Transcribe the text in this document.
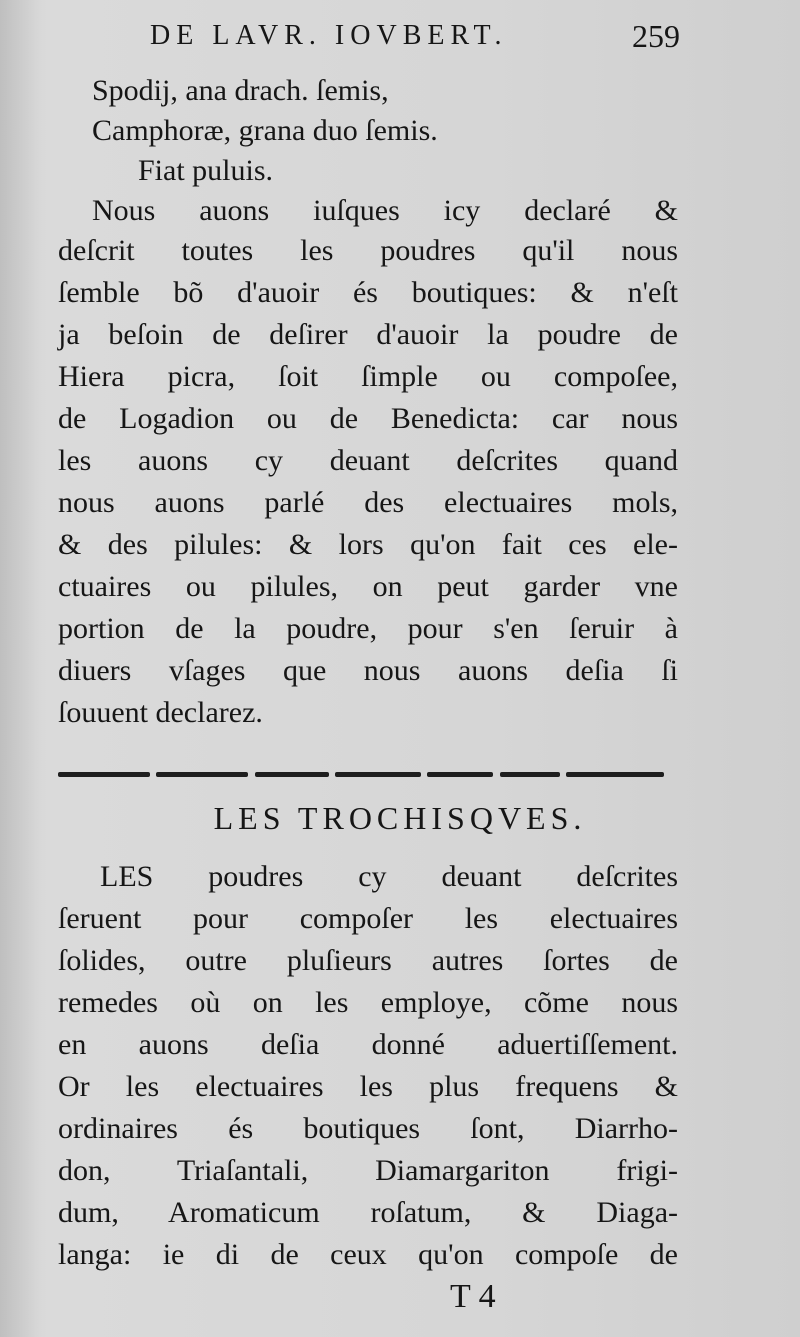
DE LAVR. IOVBERT.	259
Spodij, ana drach. ſemis,
Camphoræ, grana duo ſemis.
Fiat puluis.
Nous auons iuſques icy declaré &
deſcrit toutes les poudres qu'il nous
ſemble bõ d'auoir és boutiques: & n'eſt
ja beſoin de deſirer d'auoir la poudre de
Hiera picra, ſoit ſimple ou compoſee,
de Logadion ou de Benedicta: car nous
les auons cy deuant deſcrites quand
nous auons parlé des electuaires mols,
& des pilules: & lors qu'on fait ces ele-
ctuaires ou pilules, on peut garder vne
portion de la poudre, pour s'en ſeruir à
diuers vſages que nous auons deſia ſi
ſouuent declarez.
LES TROCHISQVES.
LES poudres cy deuant deſcrites
ſeruent pour compoſer les electuaires
ſolides, outre pluſieurs autres ſortes de
remedes où on les employe, cõme nous
en auons deſia donné aduertiſſement.
Or les electuaires les plus frequens &
ordinaires és boutiques ſont, Diarrho-
don, Triaſantali, Diamargariton frigi-
dum, Aromaticum roſatum, & Diaga-
langa: ie di de ceux qu'on compoſe de
T 4
